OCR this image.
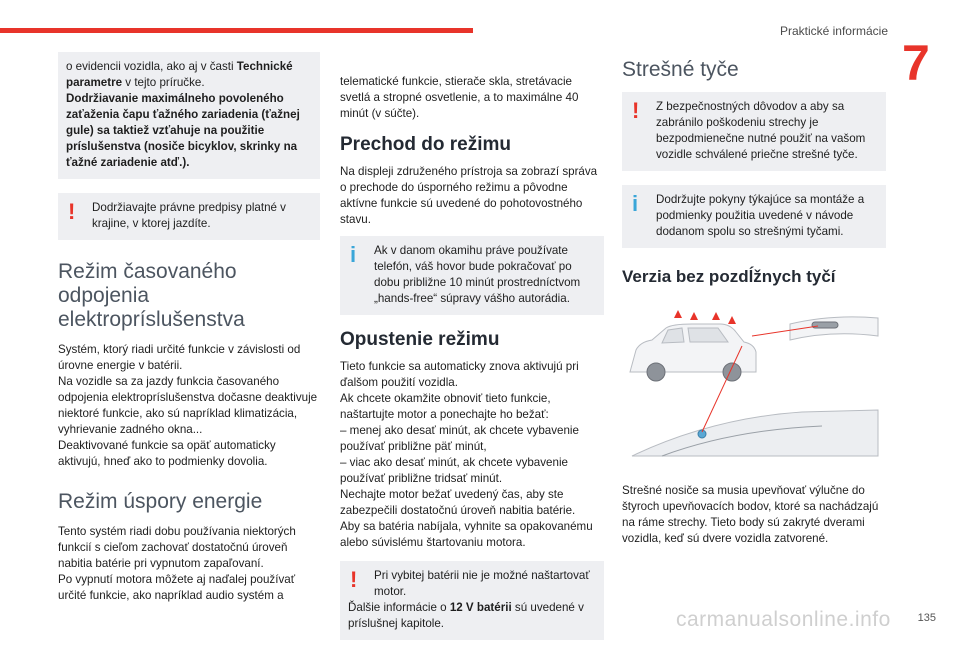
Praktické informácie
7

o evidencii vozidla, ako aj v časti Technické parametre v tejto príručke.

Dodržiavanie maximálneho povoleného zaťaženia čapu ťažného zariadenia (ťažnej gule) sa taktiež vzťahuje na použitie príslušenstva (nosiče bicyklov, skrinky na ťažné zariadenie atď.).

!	Dodržiavajte právne predpisy platné v krajine, v ktorej jazdíte.
Režim časovaného odpojenia elektropríslušenstva

Systém, ktorý riadi určité funkcie v závislosti od úrovne energie v batérii.

Na vozidle sa za jazdy funkcia časovaného odpojenia elektropríslušenstva dočasne deaktivuje niektoré funkcie, ako sú napríklad klimatizácia, vyhrievanie zadného okna...

Deaktivované funkcie sa opäť automaticky aktivujú, hneď ako to podmienky dovolia.

Režim úspory energie

Tento systém riadi dobu používania niektorých funkcií s cieľom zachovať dostatočnú úroveň nabitia batérie pri vypnutom zapaľovaní.

Po vypnutí motora môžete aj naďalej používať určité funkcie, ako napríklad audio systém a

telematické funkcie, stierače skla, stretávacie svetlá a stropné osvetlenie, a to maximálne 40 minút (v súčte).

Prechod do režimu

Na displeji združeného prístroja sa zobrazí správa o prechode do úsporného režimu a pôvodne aktívne funkcie sú uvedené do pohotovostného stavu.

i	Ak v danom okamihu práve používate telefón, váš hovor bude pokračovať po dobu približne 10 minút prostredníctvom „hands-free“ súpravy vášho autorádia.
Opustenie režimu

Tieto funkcie sa automaticky znova aktivujú pri ďalšom použití vozidla.

Ak chcete okamžite obnoviť tieto funkcie, naštartujte motor a ponechajte ho bežať:

– menej ako desať minút, ak chcete vybavenie používať približne päť minút,

– viac ako desať minút, ak chcete vybavenie používať približne tridsať minút.

Nechajte motor bežať uvedený čas, aby ste zabezpečili dostatočnú úroveň nabitia batérie.

Aby sa batéria nabíjala, vyhnite sa opakovanému alebo súvislému štartovaniu motora.

!	Pri vybitej batérii nie je možné naštartovať motor.

Ďalšie informácie o 12 V batérii sú uvedené v príslušnej kapitole.

Strešné tyče
!	Z bezpečnostných dôvodov a aby sa zabránilo poškodeniu strechy je bezpodmienečne nutné použiť na vašom vozidle schválené priečne strešné tyče.
i	Dodržujte pokyny týkajúce sa montáže a podmienky použitia uvedené v návode dodanom spolu so strešnými tyčami.
Verzia bez pozdĺžnych tyčí

Strešné nosiče sa musia upevňovať výlučne do štyroch upevňovacích bodov, ktoré sa nachádzajú na ráme strechy. Tieto body sú zakryté dverami vozidla, keď sú dvere vozidla zatvorené.

carmanualsonline.info 135
